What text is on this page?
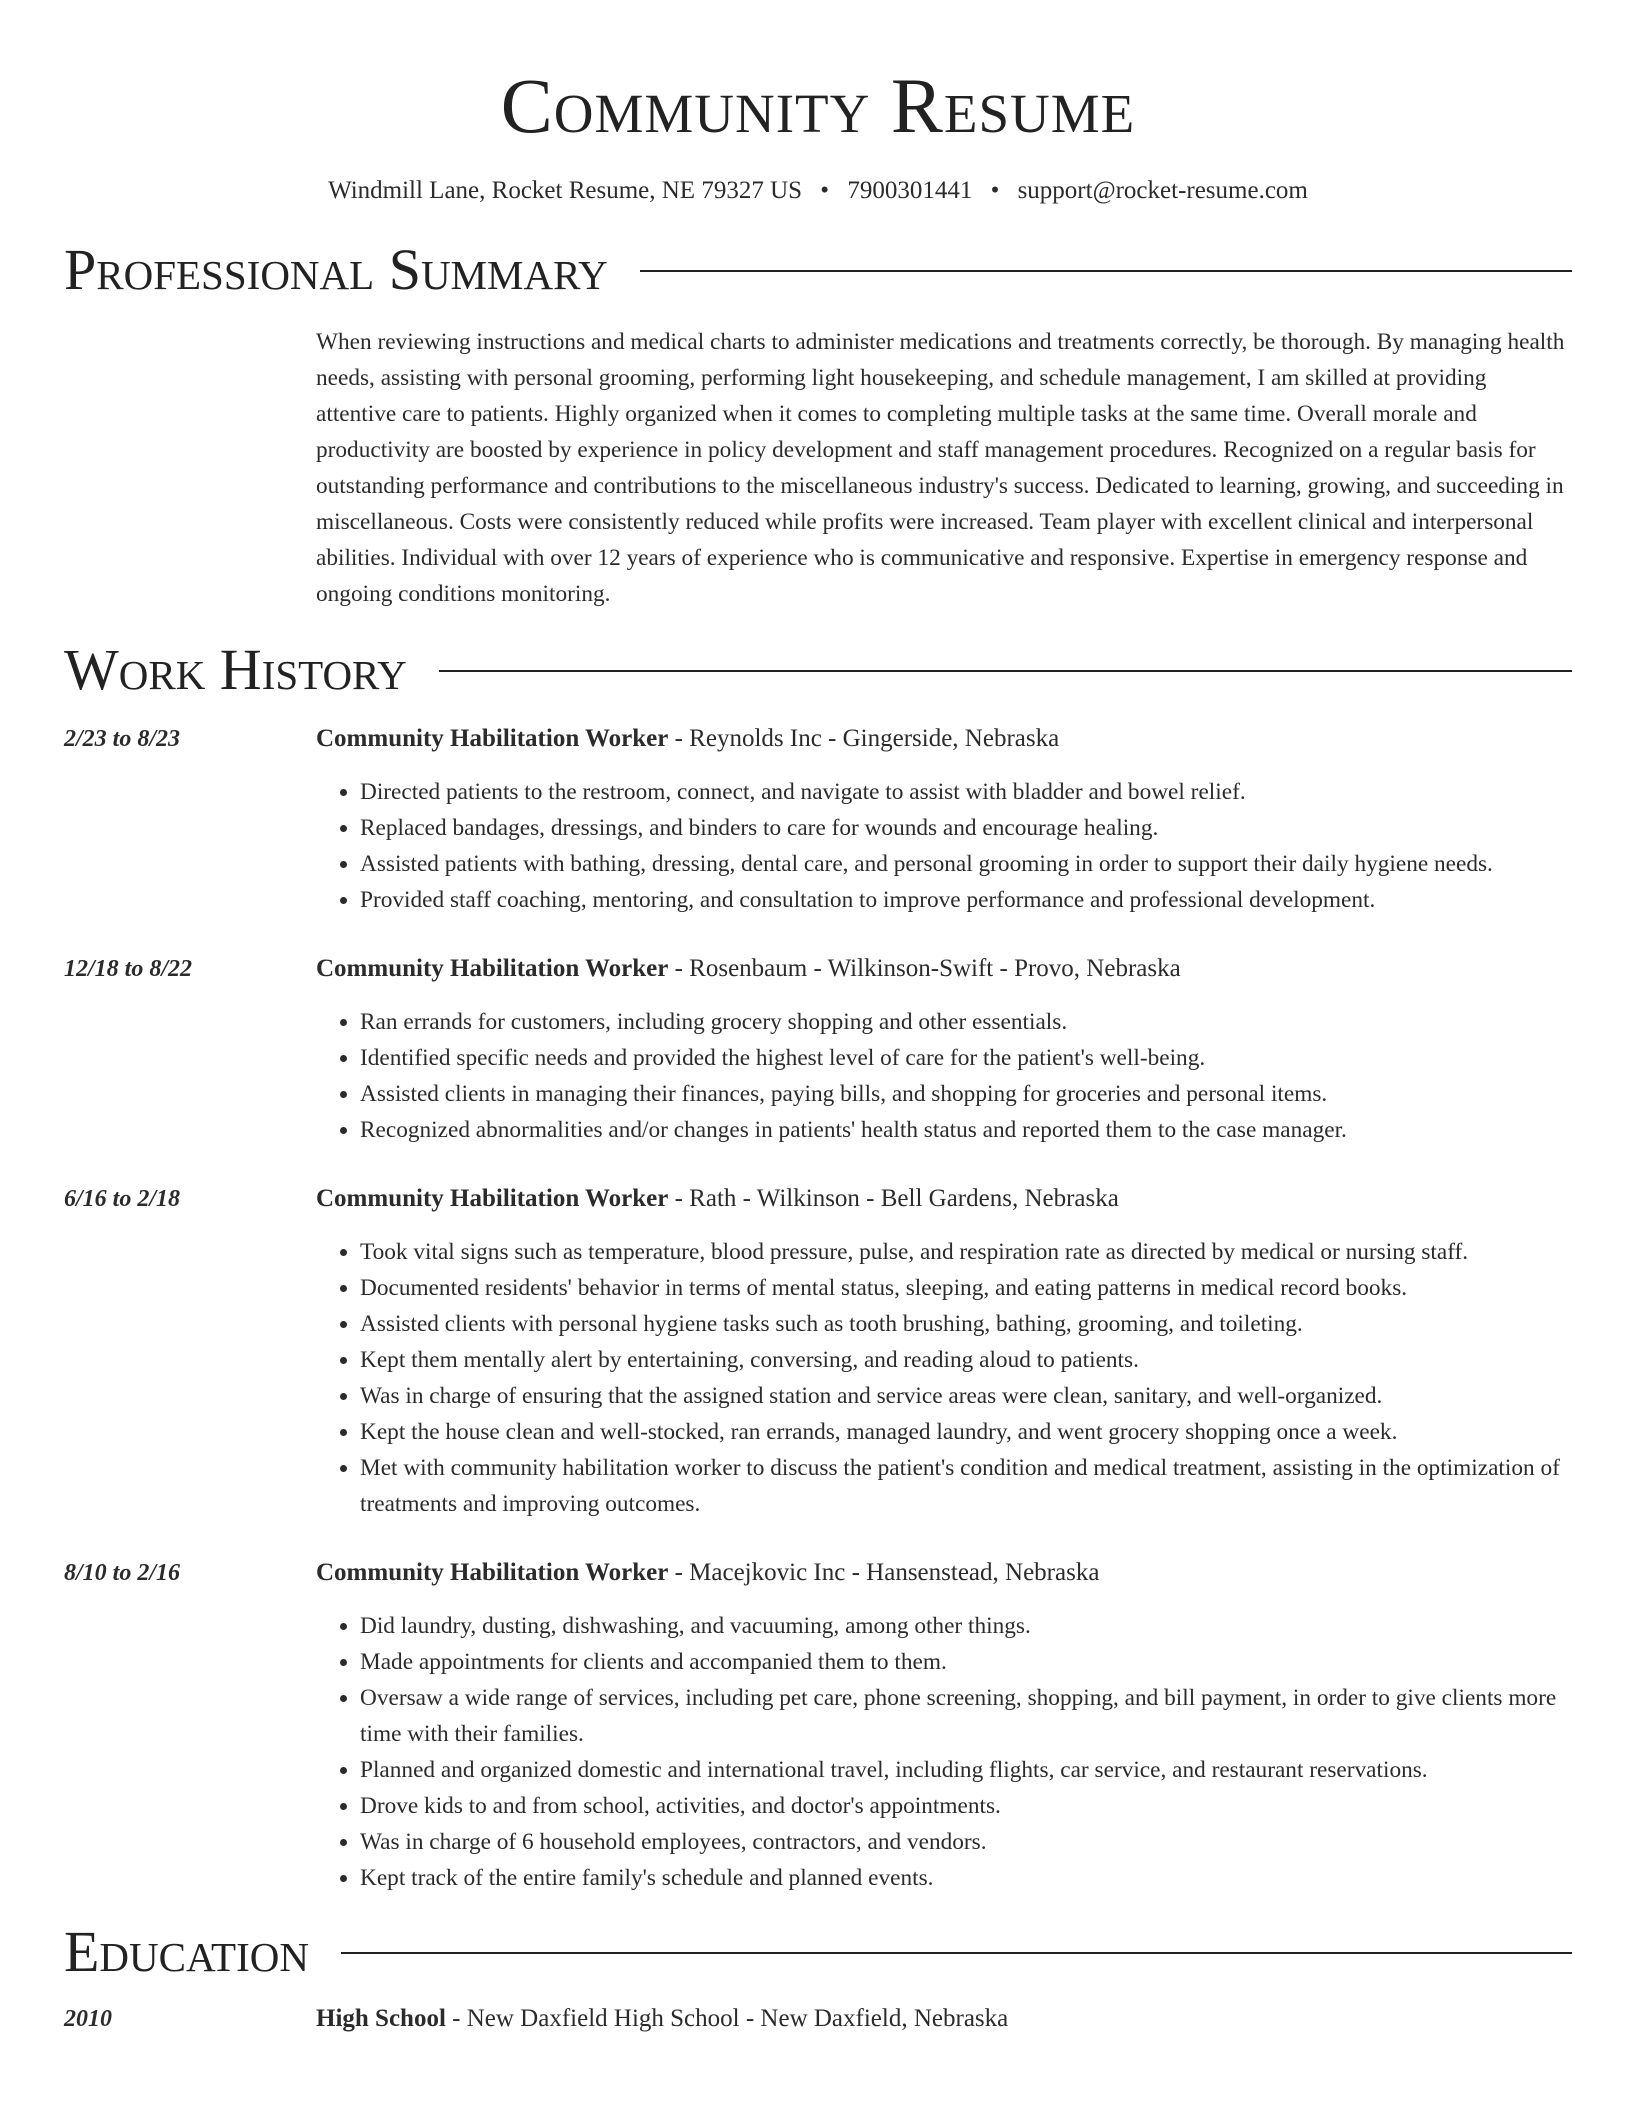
Community Resume
Windmill Lane, Rocket Resume, NE 79327 US • 7900301441 • support@rocket-resume.com
Professional Summary

When reviewing instructions and medical charts to administer medications and treatments correctly, be thorough. By managing health needs, assisting with personal grooming, performing light housekeeping, and schedule management, I am skilled at providing attentive care to patients. Highly organized when it comes to completing multiple tasks at the same time. Overall morale and productivity are boosted by experience in policy development and staff management procedures. Recognized on a regular basis for outstanding performance and contributions to the miscellaneous industry's success. Dedicated to learning, growing, and succeeding in miscellaneous. Costs were consistently reduced while profits were increased. Team player with excellent clinical and interpersonal abilities. Individual with over 12 years of experience who is communicative and responsive. Expertise in emergency response and ongoing conditions monitoring.

Work History
2/23 to 8/23	Community Habilitation Worker - Reynolds Inc - Gingerside, Nebraska
• Directed patients to the restroom, connect, and navigate to assist with bladder and bowel relief.
• Replaced bandages, dressings, and binders to care for wounds and encourage healing.
• Assisted patients with bathing, dressing, dental care, and personal grooming in order to support their daily hygiene needs.
• Provided staff coaching, mentoring, and consultation to improve performance and professional development.
12/18 to 8/22	Community Habilitation Worker - Rosenbaum - Wilkinson-Swift - Provo, Nebraska
• Ran errands for customers, including grocery shopping and other essentials.
• Identified specific needs and provided the highest level of care for the patient's well-being.
• Assisted clients in managing their finances, paying bills, and shopping for groceries and personal items.
• Recognized abnormalities and/or changes in patients' health status and reported them to the case manager.
6/16 to 2/18	Community Habilitation Worker - Rath - Wilkinson - Bell Gardens, Nebraska
• Took vital signs such as temperature, blood pressure, pulse, and respiration rate as directed by medical or nursing staff.
• Documented residents' behavior in terms of mental status, sleeping, and eating patterns in medical record books.
• Assisted clients with personal hygiene tasks such as tooth brushing, bathing, grooming, and toileting.
• Kept them mentally alert by entertaining, conversing, and reading aloud to patients.
• Was in charge of ensuring that the assigned station and service areas were clean, sanitary, and well-organized.
• Kept the house clean and well-stocked, ran errands, managed laundry, and went grocery shopping once a week.
• Met with community habilitation worker to discuss the patient's condition and medical treatment, assisting in the optimization of treatments and improving outcomes.
8/10 to 2/16	Community Habilitation Worker - Macejkovic Inc - Hansenstead, Nebraska
• Did laundry, dusting, dishwashing, and vacuuming, among other things.
• Made appointments for clients and accompanied them to them.
• Oversaw a wide range of services, including pet care, phone screening, shopping, and bill payment, in order to give clients more time with their families.
• Planned and organized domestic and international travel, including flights, car service, and restaurant reservations.
• Drove kids to and from school, activities, and doctor's appointments.
• Was in charge of 6 household employees, contractors, and vendors.
• Kept track of the entire family's schedule and planned events.
Education
2010	High School - New Daxfield High School - New Daxfield, Nebraska
